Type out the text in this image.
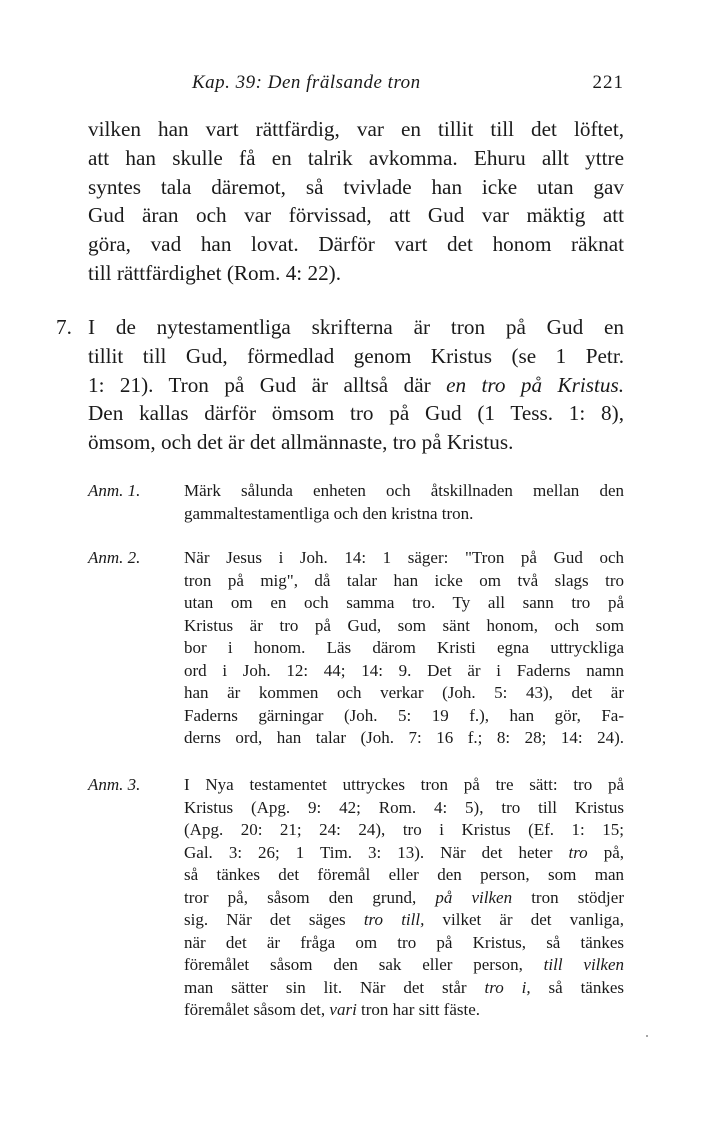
Kap. 39: Den frälsande tron	221
vilken han vart rättfärdig, var en tillit till det löftet,
att han skulle få en talrik avkomma. Ehuru allt yttre
syntes tala däremot, så tvivlade han icke utan gav
Gud äran och var förvissad, att Gud var mäktig att
göra, vad han lovat. Därför vart det honom räknat
till rättfärdighet (Rom. 4: 22).
7. I de nytestamentliga skrifterna är tron på Gud en
tillit till Gud, förmedlad genom Kristus (se 1 Petr.
1: 21). Tron på Gud är alltså där en tro på Kristus.
Den kallas därför ömsom tro på Gud (1 Tess. 1: 8),
ömsom, och det är det allmännaste, tro på Kristus.
Anm. 1.	Märk sålunda enheten och åtskillnaden mellan den
gammaltestamentliga och den kristna tron.
Anm. 2.	När Jesus i Joh. 14: 1 säger: "Tron på Gud och
tron på mig", då talar han icke om två slags tro
utan om en och samma tro. Ty all sann tro på
Kristus är tro på Gud, som sänt honom, och som
bor i honom. Läs därom Kristi egna uttryckliga
ord i Joh. 12: 44; 14: 9. Det är i Faderns namn
han är kommen och verkar (Joh. 5: 43), det är
Faderns gärningar (Joh. 5: 19 f.), han gör, Fa-
derns ord, han talar (Joh. 7: 16 f.; 8: 28; 14: 24).
Anm. 3.	I Nya testamentet uttryckes tron på tre sätt: tro på
Kristus (Apg. 9: 42; Rom. 4: 5), tro till Kristus
(Apg. 20: 21; 24: 24), tro i Kristus (Ef. 1: 15;
Gal. 3: 26; 1 Tim. 3: 13). När det heter tro på,
så tänkes det föremål eller den person, som man
tror på, såsom den grund, på vilken tron stödjer
sig. När det säges tro till, vilket är det vanliga,
när det är fråga om tro på Kristus, så tänkes
föremålet såsom den sak eller person, till vilken
man sätter sin lit. När det står tro i, så tänkes
föremålet såsom det, vari tron har sitt fäste.
